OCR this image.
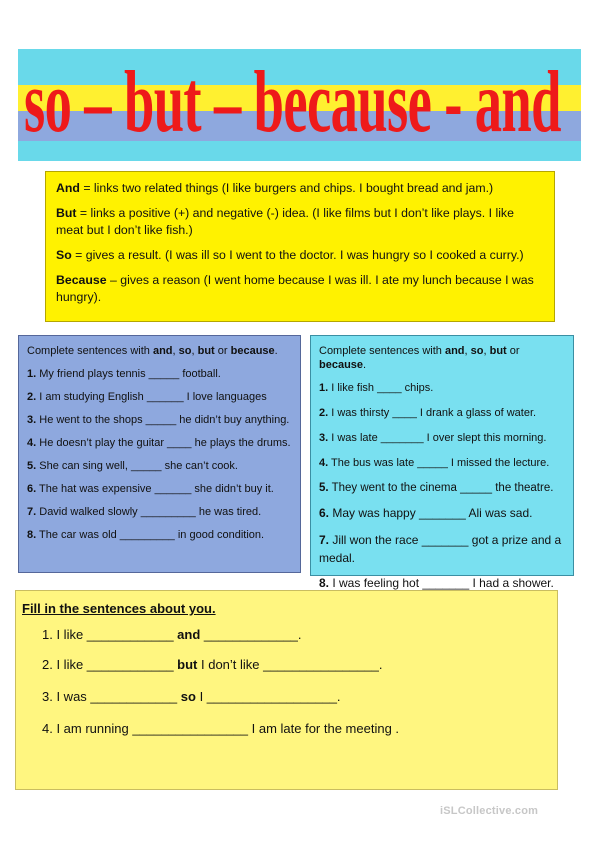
so – but – because - and

And = links two related things (I like burgers and chips. I bought bread and jam.)

But = links a positive (+) and negative (-) idea. (I like films but I don’t like plays. I like meat but I don’t like fish.)

So = gives a result. (I was ill so I went to the doctor. I was hungry so I cooked a curry.)

Because – gives a reason (I went home because I was ill. I ate my lunch because I was hungry).

Complete sentences with and, so, but or because.

1. My friend plays tennis _____ football.
2. I am studying English ______ I love languages
3. He went to the shops _____ he didn’t buy anything.
4. He doesn’t play the guitar ____ he plays the drums.
5. She can sing well, _____ she can’t cook.
6. The hat was expensive ______ she didn’t buy it.
7. David walked slowly _________ he was tired.
8. The car was old _________ in good condition.

Complete sentences with and, so, but or because.

1. I like fish ____ chips.
2. I was thirsty ____ I drank a glass of water.
3. I was late _______ I over slept this morning.
4. The bus was late _____ I missed the lecture.
5. They went to the cinema _____ the theatre.
6. May was happy _______ Ali was sad.
7. Jill won the race _______ got a prize and a medal.
8. I was feeling hot _______ I had a shower.
Fill in the sentences about you.
1. I like ____________ and _____________.
2. I like ____________ but I don’t like ________________.
3. I was ____________ so I __________________.
4. I am running ________________ I am late for the meeting .
iSLCollective.com
